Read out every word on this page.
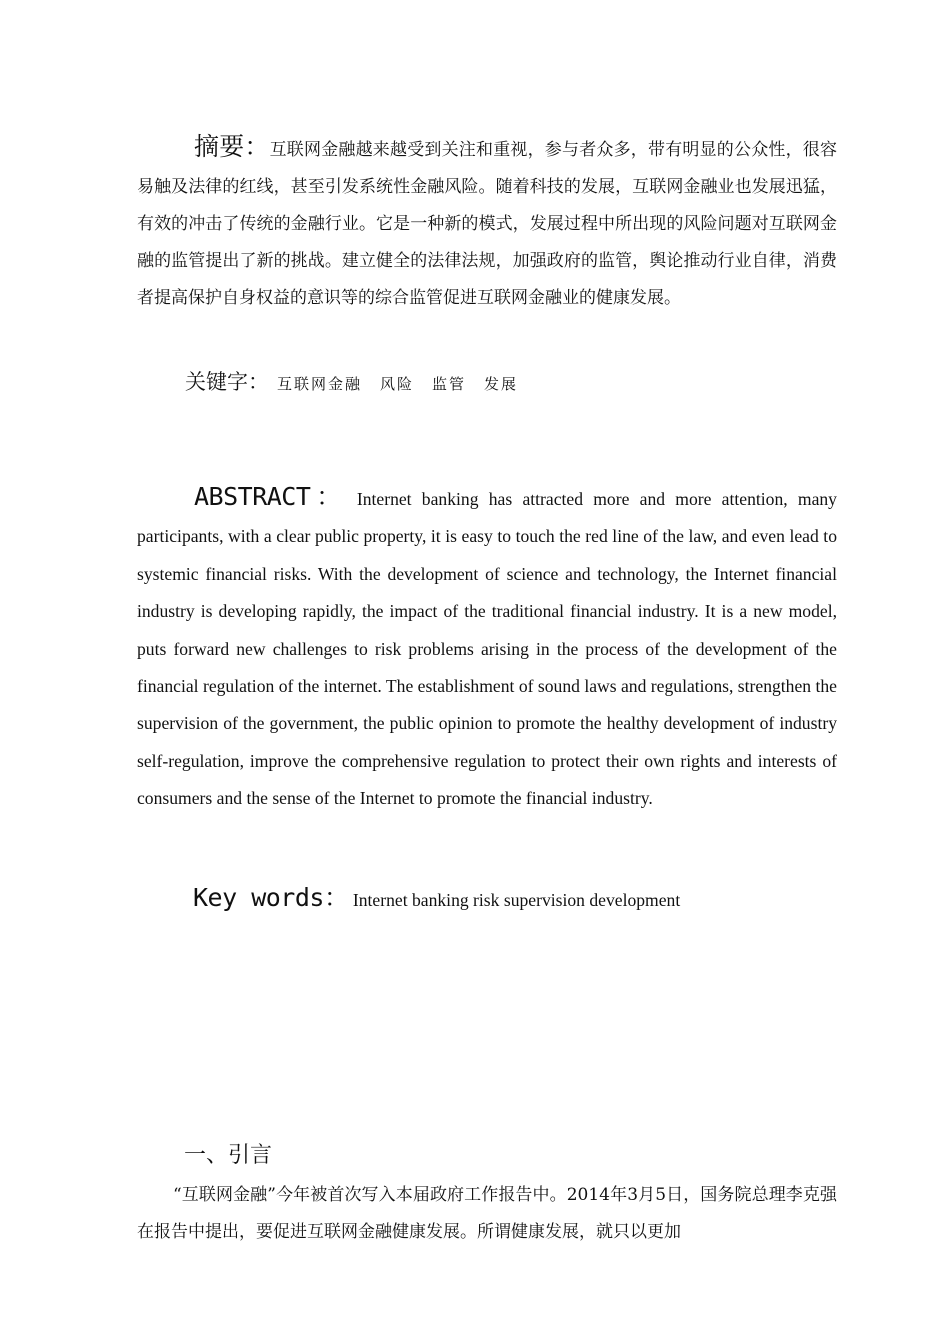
摘要：互联网金融越来越受到关注和重视，参与者众多，带有明显的公众性，很容易触及法律的红线，甚至引发系统性金融风险。随着科技的发展，互联网金融业也发展迅猛，有效的冲击了传统的金融行业。它是一种新的模式，发展过程中所出现的风险问题对互联网金融的监管提出了新的挑战。建立健全的法律法规，加强政府的监管，舆论推动行业自律，消费者提高保护自身权益的意识等的综合监管促进互联网金融业的健康发展。
关键字： 互联网金融 风险 监管 发展
ABSTRACT： Internet banking has attracted more and more attention, many participants, with a clear public property, it is easy to touch the red line of the law, and even lead to systemic financial risks. With the development of science and technology, the Internet financial industry is developing rapidly, the impact of the traditional financial industry. It is a new model, puts forward new challenges to risk problems arising in the process of the development of the financial regulation of the internet. The establishment of sound laws and regulations, strengthen the supervision of the government, the public opinion to promote the healthy development of industry self-regulation, improve the comprehensive regulation to protect their own rights and interests of consumers and the sense of the Internet to promote the financial industry.
Key words： Internet banking risk supervision development
一、引言
“互联网金融”今年被首次写入本届政府工作报告中。2014年3月5日，国务院总理李克强在报告中提出，要促进互联网金融健康发展。所谓健康发展，就只以更加
